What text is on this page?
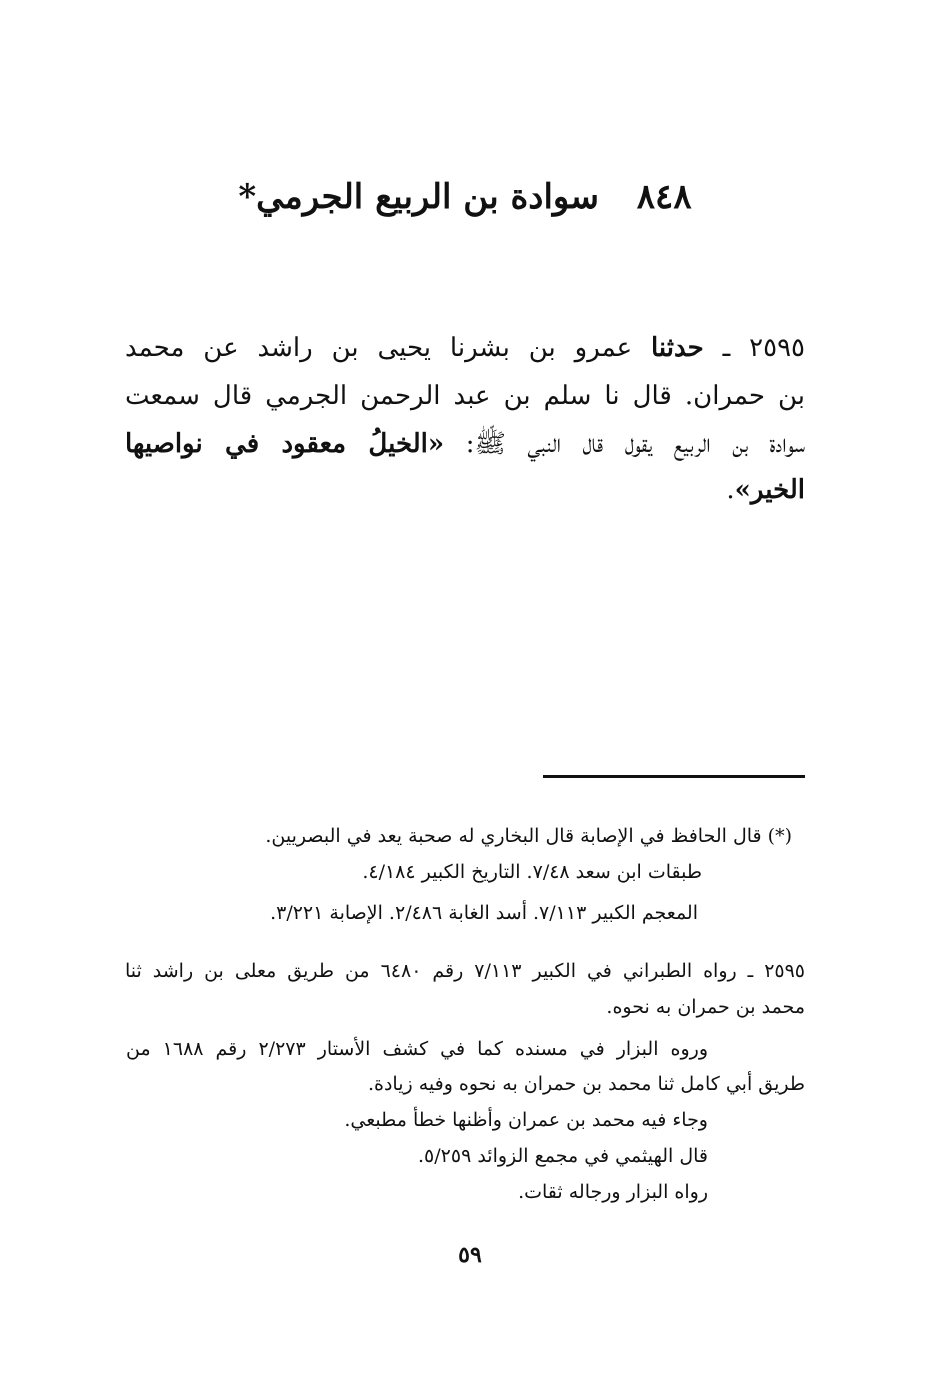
٨٤٨ سوادة بن الربيع الجرمي*
٢٥٩٥ ـ حدثنا عمرو بن بشرنا يحيى بن راشد عن محمد
بن حمران. قال نا سلم بن عبد الرحمن الجرمي قال سمعت
سوادة بن الربيع يقول قال النبي ﷺ: «الخيلُ معقود في نواصيها
الخير».
(*) قال الحافظ في الإصابة قال البخاري له صحبة يعد في البصريين.
طبقات ابن سعد ٧/٤٨. التاريخ الكبير ٤/١٨٤.
المعجم الكبير ٧/١١٣. أسد الغابة ٢/٤٨٦. الإصابة ٣/٢٢١.
٢٥٩٥ ـ رواه الطبراني في الكبير ٧/١١٣ رقم ٦٤٨٠ من طريق معلى بن راشد ثنا
محمد بن حمران به نحوه.
وروه البزار في مسنده كما في كشف الأستار ٢/٢٧٣ رقم ١٦٨٨ من
طريق أبي كامل ثنا محمد بن حمران به نحوه وفيه زيادة.
وجاء فيه محمد بن عمران وأظنها خطأ مطبعي.
قال الهيثمي في مجمع الزوائد ٥/٢٥٩.
رواه البزار ورجاله ثقات.
٥٩
